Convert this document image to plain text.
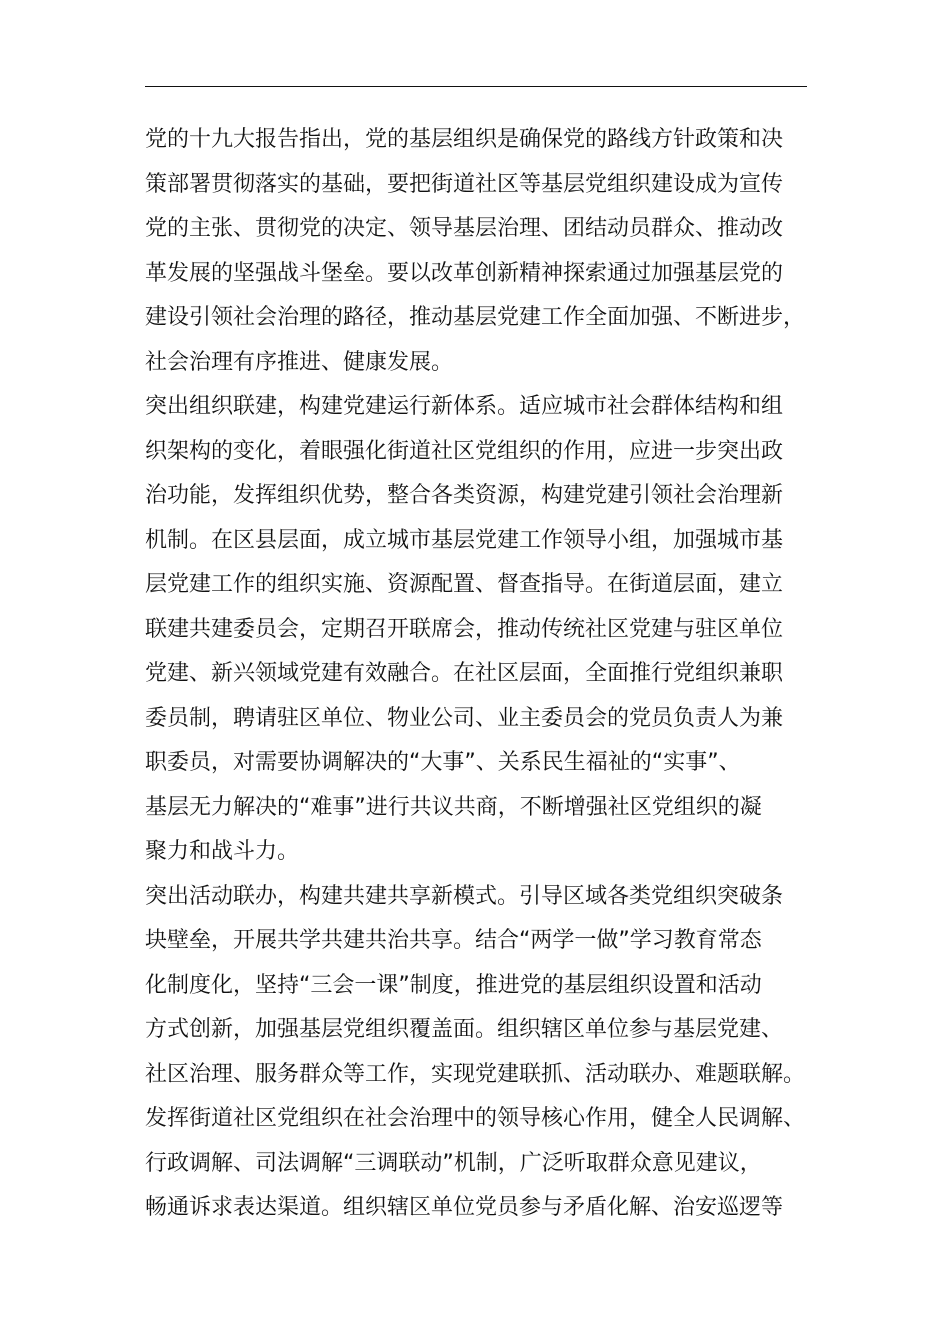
党的十九大报告指出，党的基层组织是确保党的路线方针政策和决
策部署贯彻落实的基础，要把街道社区等基层党组织建设成为宣传
党的主张、贯彻党的决定、领导基层治理、团结动员群众、推动改
革发展的坚强战斗堡垒。要以改革创新精神探索通过加强基层党的
建设引领社会治理的路径，推动基层党建工作全面加强、不断进步，
社会治理有序推进、健康发展。
突出组织联建，构建党建运行新体系。适应城市社会群体结构和组
织架构的变化，着眼强化街道社区党组织的作用，应进一步突出政
治功能，发挥组织优势，整合各类资源，构建党建引领社会治理新
机制。在区县层面，成立城市基层党建工作领导小组，加强城市基
层党建工作的组织实施、资源配置、督查指导。在街道层面，建立
联建共建委员会，定期召开联席会，推动传统社区党建与驻区单位
党建、新兴领域党建有效融合。在社区层面，全面推行党组织兼职
委员制，聘请驻区单位、物业公司、业主委员会的党员负责人为兼
职委员，对需要协调解决的“大事”、关系民生福祉的“实事”、
基层无力解决的“难事”进行共议共商，不断增强社区党组织的凝
聚力和战斗力。
突出活动联办，构建共建共享新模式。引导区域各类党组织突破条
块壁垒，开展共学共建共治共享。结合“两学一做”学习教育常态
化制度化，坚持“三会一课”制度，推进党的基层组织设置和活动
方式创新，加强基层党组织覆盖面。组织辖区单位参与基层党建、
社区治理、服务群众等工作，实现党建联抓、活动联办、难题联解。
发挥街道社区党组织在社会治理中的领导核心作用，健全人民调解、
行政调解、司法调解“三调联动”机制，广泛听取群众意见建议，
畅通诉求表达渠道。组织辖区单位党员参与矛盾化解、治安巡逻等
